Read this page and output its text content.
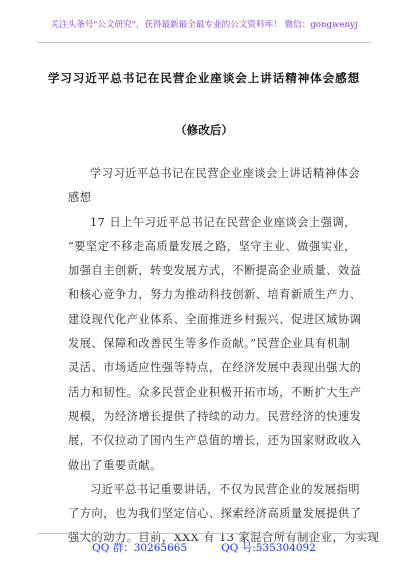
关注头条号"公文研究"，获得最新最全最专业的公文资料库！ 微信：gongwenyj
学习习近平总书记在民营企业座谈会上讲话精神体会感想
（修改后）
学习习近平总书记在民营企业座谈会上讲话精神体会
感想
17 日上午习近平总书记在民营企业座谈会上强调，
“要坚定不移走高质量发展之路，坚守主业、做强实业，
加强自主创新，转变发展方式，不断提高企业质量、效益
和核心竞争力，努力为推动科技创新、培育新质生产力、
建设现代化产业体系、全面推进乡村振兴、促进区域协调
发展、保障和改善民生等多作贡献。”民营企业具有机制
灵活、市场适应性强等特点，在经济发展中表现出强大的
活力和韧性。众多民营企业积极开拓市场，不断扩大生产
规模，为经济增长提供了持续的动力。民营经济的快速发
展，不仅拉动了国内生产总值的增长，还为国家财政收入
做出了重要贡献。
习近平总书记重要讲话，不仅为民营企业的发展指明
了方向，也为我们坚定信心、探索经济高质量发展提供了
强大的动力。目前，XXX 有 13 家混合所有制企业，为实现
QQ 群：30265665	QQ 号:535304092
